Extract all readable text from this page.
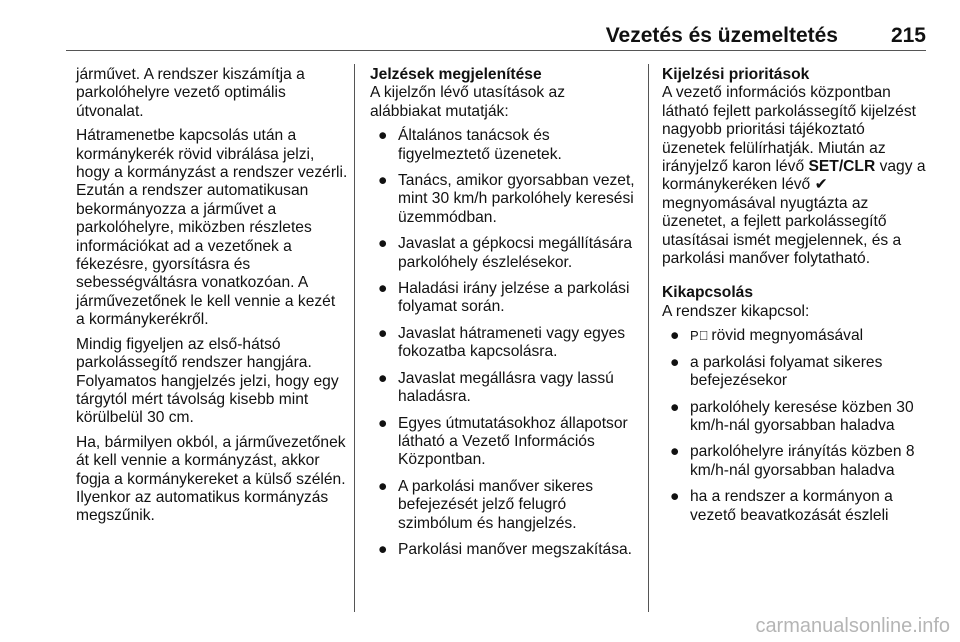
Vezetés és üzemeltetés	215

járművet. A rendszer kiszámítja a parkolóhelyre vezető optimális útvonalat.

Hátramenetbe kapcsolás után a kormánykerék rövid vibrálása jelzi, hogy a kormányzást a rendszer vezérli. Ezután a rendszer automatikusan bekormányozza a járművet a parkolóhelyre, miközben részletes információkat ad a vezetőnek a fékezésre, gyorsításra és sebességváltásra vonatkozóan. A járművezetőnek le kell vennie a kezét a kormánykerékről.

Mindig figyeljen az első-hátsó parkolássegítő rendszer hangjára. Folyamatos hangjelzés jelzi, hogy egy tárgytól mért távolság kisebb mint körülbelül 30 cm.

Ha, bármilyen okból, a járművezetőnek át kell vennie a kormányzást, akkor fogja a kormánykereket a külső szélén. Ilyenkor az automatikus kormányzás megszűnik.

Jelzések megjelenítése
A kijelzőn lévő utasítások az alábbiakat mutatják:
● Általános tanácsok és figyelmeztető üzenetek.
● Tanács, amikor gyorsabban vezet, mint 30 km/h parkolóhely keresési üzemmódban.
● Javaslat a gépkocsi megállítására parkolóhely észlelésekor.
● Haladási irány jelzése a parkolási folyamat során.
● Javaslat hátrameneti vagy egyes fokozatba kapcsolásra.
● Javaslat megállásra vagy lassú haladásra.
● Egyes útmutatásokhoz állapotsor látható a Vezető Információs Központban.
● A parkolási manőver sikeres befejezését jelző felugró szimbólum és hangjelzés.
● Parkolási manőver megszakítása.
Kijelzési prioritások

A vezető információs központban látható fejlett parkolássegítő kijelzést nagyobb prioritási tájékoztató üzenetek felülírhatják. Miután az irányjelző karon lévő SET/CLR vagy a kormánykeréken lévő ✔ megnyomásával nyugtázta az üzenetet, a fejlett parkolássegítő utasításai ismét megjelennek, és a parkolási manőver folytatható.

Kikapcsolás
A rendszer kikapcsol:
● P⃞ rövid megnyomásával
● a parkolási folyamat sikeres befejezésekor
● parkolóhely keresése közben 30 km/h-nál gyorsabban haladva
● parkolóhelyre irányítás közben 8 km/h-nál gyorsabban haladva
● ha a rendszer a kormányon a vezető beavatkozását észleli
carmanualsonline.info
